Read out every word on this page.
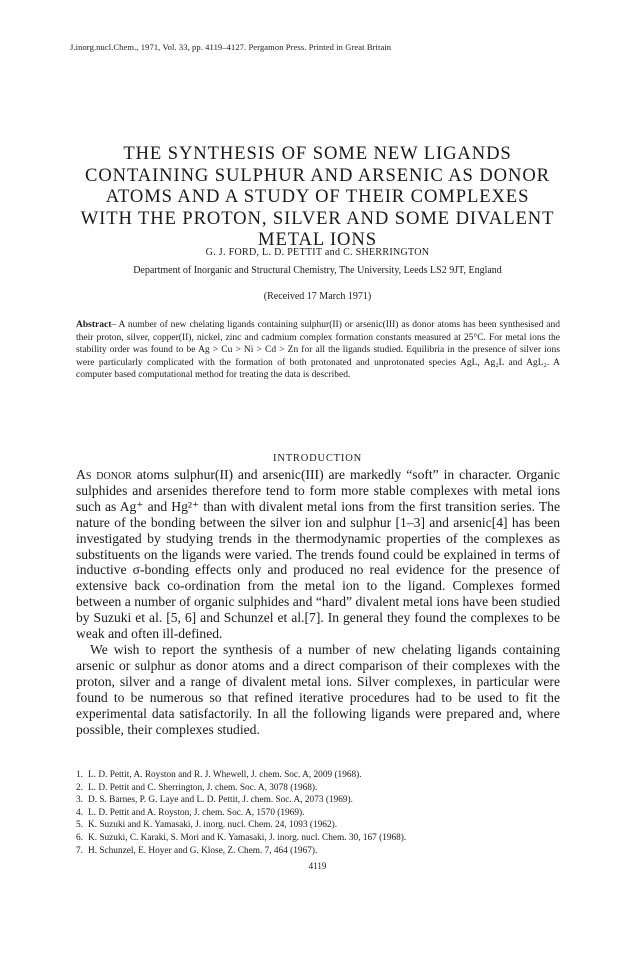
J.inorg.nucl.Chem., 1971, Vol. 33, pp. 4119–4127. Pergamon Press. Printed in Great Britain
THE SYNTHESIS OF SOME NEW LIGANDS
CONTAINING SULPHUR AND ARSENIC AS DONOR
ATOMS AND A STUDY OF THEIR COMPLEXES
WITH THE PROTON, SILVER AND SOME DIVALENT
METAL IONS
G. J. FORD, L. D. PETTIT and C. SHERRINGTON
Department of Inorganic and Structural Chemistry, The University, Leeds LS2 9JT, England
(Received 17 March 1971)
Abstract– A number of new chelating ligands containing sulphur(II) or arsenic(III) as donor atoms has been synthesised and their proton, silver, copper(II), nickel, zinc and cadmium complex formation constants measured at 25°C. For metal ions the stability order was found to be Ag > Cu > Ni > Cd > Zn for all the ligands studied. Equilibria in the presence of silver ions were particularly complicated with the formation of both protonated and unprotonated species AgL, Ag₂L and AgL₂. A computer based computational method for treating the data is described.
INTRODUCTION

As donor atoms sulphur(II) and arsenic(III) are markedly “soft” in character. Organic sulphides and arsenides therefore tend to form more stable complexes with metal ions such as Ag⁺ and Hg²⁺ than with divalent metal ions from the first transition series. The nature of the bonding between the silver ion and sulphur [1–3] and arsenic[4] has been investigated by studying trends in the thermodynamic properties of the complexes as substituents on the ligands were varied. The trends found could be explained in terms of inductive σ-bonding effects only and produced no real evidence for the presence of extensive back co-ordination from the metal ion to the ligand. Complexes formed between a number of organic sulphides and “hard” divalent metal ions have been studied by Suzuki et al. [5, 6] and Schunzel et al.[7]. In general they found the complexes to be weak and often ill-defined.

We wish to report the synthesis of a number of new chelating ligands containing arsenic or sulphur as donor atoms and a direct comparison of their complexes with the proton, silver and a range of divalent metal ions. Silver complexes, in particular were found to be numerous so that refined iterative procedures had to be used to fit the experimental data satisfactorily. In all the following ligands were prepared and, where possible, their complexes studied.

1. L. D. Pettit, A. Royston and R. J. Whewell, J. chem. Soc. A, 2009 (1968).
2. L. D. Pettit and C. Sherrington, J. chem. Soc. A, 3078 (1968).
3. D. S. Barnes, P. G. Laye and L. D. Pettit, J. chem. Soc. A, 2073 (1969).
4. L. D. Pettit and A. Royston, J. chem. Soc. A, 1570 (1969).
5. K. Suzuki and K. Yamasaki, J. inorg. nucl. Chem. 24, 1093 (1962).
6. K. Suzuki, C. Karaki, S. Mori and K. Yamasaki, J. inorg. nucl. Chem. 30, 167 (1968).
7. H. Schunzel, E. Hoyer and G. Klose, Z. Chem. 7, 464 (1967).
4119
